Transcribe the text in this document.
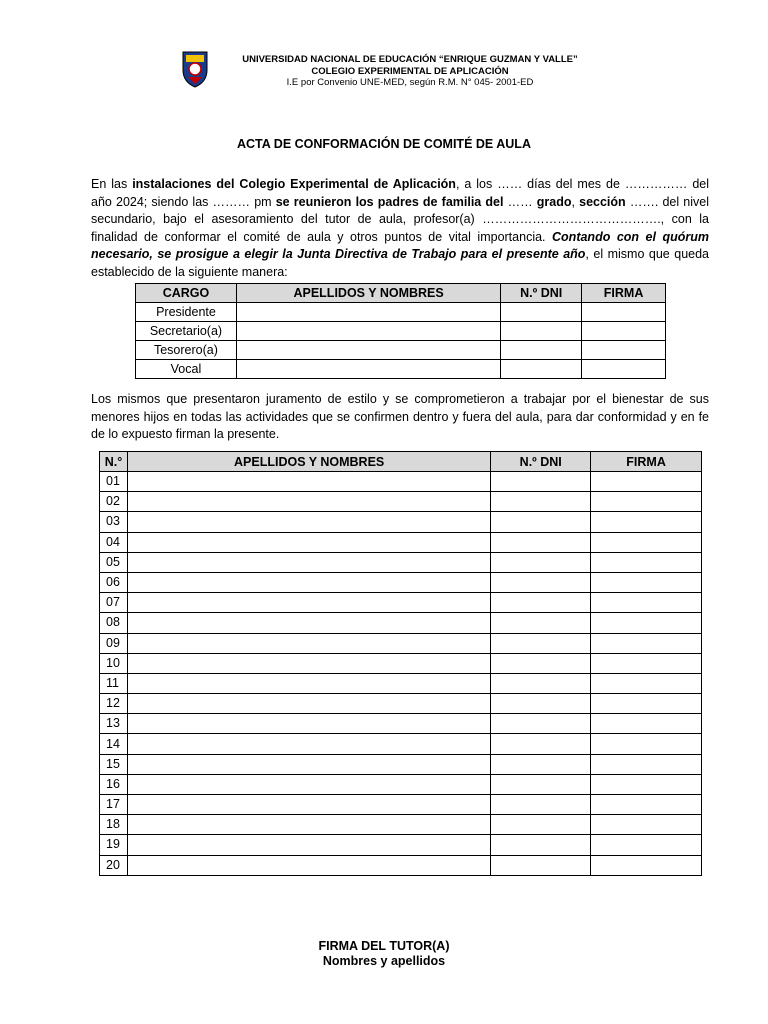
UNIVERSIDAD NACIONAL DE EDUCACIÓN “ENRIQUE GUZMAN Y VALLE”
COLEGIO EXPERIMENTAL DE APLICACIÓN
I.E por Convenio UNE-MED, según R.M. N° 045- 2001-ED
ACTA DE CONFORMACIÓN DE COMITÉ DE AULA
En las instalaciones del Colegio Experimental de Aplicación, a los …… días del mes de …………… del año 2024; siendo las ……… pm se reunieron los padres de familia del …… grado, sección ……. del nivel secundario, bajo el asesoramiento del tutor de aula, profesor(a) ……………………………………., con la finalidad de conformar el comité de aula y otros puntos de vital importancia. Contando con el quórum necesario, se prosigue a elegir la Junta Directiva de Trabajo para el presente año, el mismo que queda establecido de la siguiente manera:
CARGO	APELLIDOS Y NOMBRES	N.º DNI	FIRMA
Presidente			
Secretario(a)			
Tesorero(a)			
Vocal			
Los mismos que presentaron juramento de estilo y se comprometieron a trabajar por el bienestar de sus menores hijos en todas las actividades que se confirmen dentro y fuera del aula, para dar conformidad y en fe de lo expuesto firman la presente.
N.°	APELLIDOS Y NOMBRES	N.º DNI	FIRMA
01			
02			
03			
04			
05			
06			
07			
08			
09			
10			
11			
12			
13			
14			
15			
16			
17			
18			
19			
20			
FIRMA DEL TUTOR(A)
Nombres y apellidos
